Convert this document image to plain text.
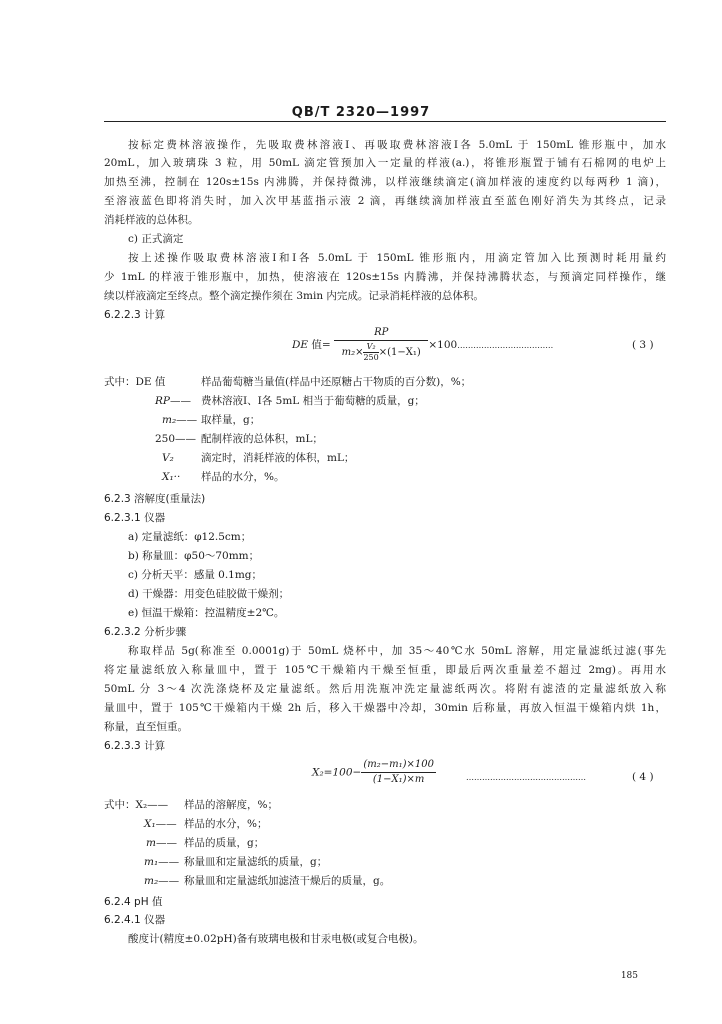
QB/T 2320—1997
按标定费林溶液操作，先吸取费林溶液Ⅰ、再吸取费林溶液Ⅰ各 5.0mL 于 150mL 锥形瓶中，加水
20mL，加入玻璃珠 3 粒，用 50mL 滴定管预加入一定量的样液(a.)，将锥形瓶置于铺有石棉网的电炉上
加热至沸，控制在 120s±15s 内沸腾，并保持微沸，以样液继续滴定(滴加样液的速度约以每两秒 1 滴)，
至溶液蓝色即将消失时，加入次甲基蓝指示液 2 滴，再继续滴加样液直至蓝色刚好消失为其终点，记录
消耗样液的总体积。
c) 正式滴定
按上述操作吸取费林溶液Ⅰ和Ⅰ各 5.0mL 于 150mL 锥形瓶内，用滴定管加入比预测时耗用量约
少 1mL 的样液于锥形瓶中，加热，使溶液在 120s±15s 内腾沸，并保持沸腾状态，与预滴定同样操作，继
续以样液滴定至终点。整个滴定操作须在 3min 内完成。记录消耗样液的总体积。
6.2.2.3 计算
DE 值= $\frac{RP}{m_2\times \frac{\text{V₂}}{250} \times(1-X_1)}$ ×100………………………………	( 3 )
式中：DE 值	样品葡萄糖当量值(样品中还原糖占干物质的百分数)，%；
RP—— 费林溶液Ⅰ、Ⅰ各 5mL 相当于葡萄糖的质量，g；
m₂—— 取样量，g；
250—— 配制样液的总体积，mL；
V₂	滴定时，消耗样液的体积，mL；
X₁·· 样品的水分，%。
6.2.3 溶解度(重量法)
6.2.3.1 仪器
a) 定量滤纸：φ12.5cm；
b) 称量皿：φ50～70mm；
c) 分析天平：感量 0.1mg；
d) 干燥器：用变色硅胶做干燥剂；
e) 恒温干燥箱：控温精度±2℃。
6.2.3.2 分析步骤
称取样品 5g(称准至 0.0001g)于 50mL 烧杯中，加 35～40℃水 50mL 溶解，用定量滤纸过滤(事先
将定量滤纸放入称量皿中，置于 105℃干燥箱内干燥至恒重，即最后两次重量差不超过 2mg)。再用水
50mL 分 3～4 次洗涤烧杯及定量滤纸。然后用洗瓶冲洗定量滤纸两次。将附有滤渣的定量滤纸放入称
量皿中，置于 105℃干燥箱内干燥 2h 后，移入干燥器中冷却，30min 后称量，再放入恒温干燥箱内烘 1h，
称量，直至恒重。
6.2.3.3 计算
$X_2=100- \frac{\text{(m₂−m₁)×100}}{\text{(1−X₁)×m}}$	………………………………………	( 4 )
式中：X₂—— 样品的溶解度，%；
X₁—— 样品的水分，%；
m—— 样品的质量，g；
m₁—— 称量皿和定量滤纸的质量，g；
m₂—— 称量皿和定量滤纸加滤渣干燥后的质量，g。
6.2.4 pH 值
6.2.4.1 仪器
酸度计(精度±0.02pH)备有玻璃电极和甘汞电极(或复合电极)。
185
